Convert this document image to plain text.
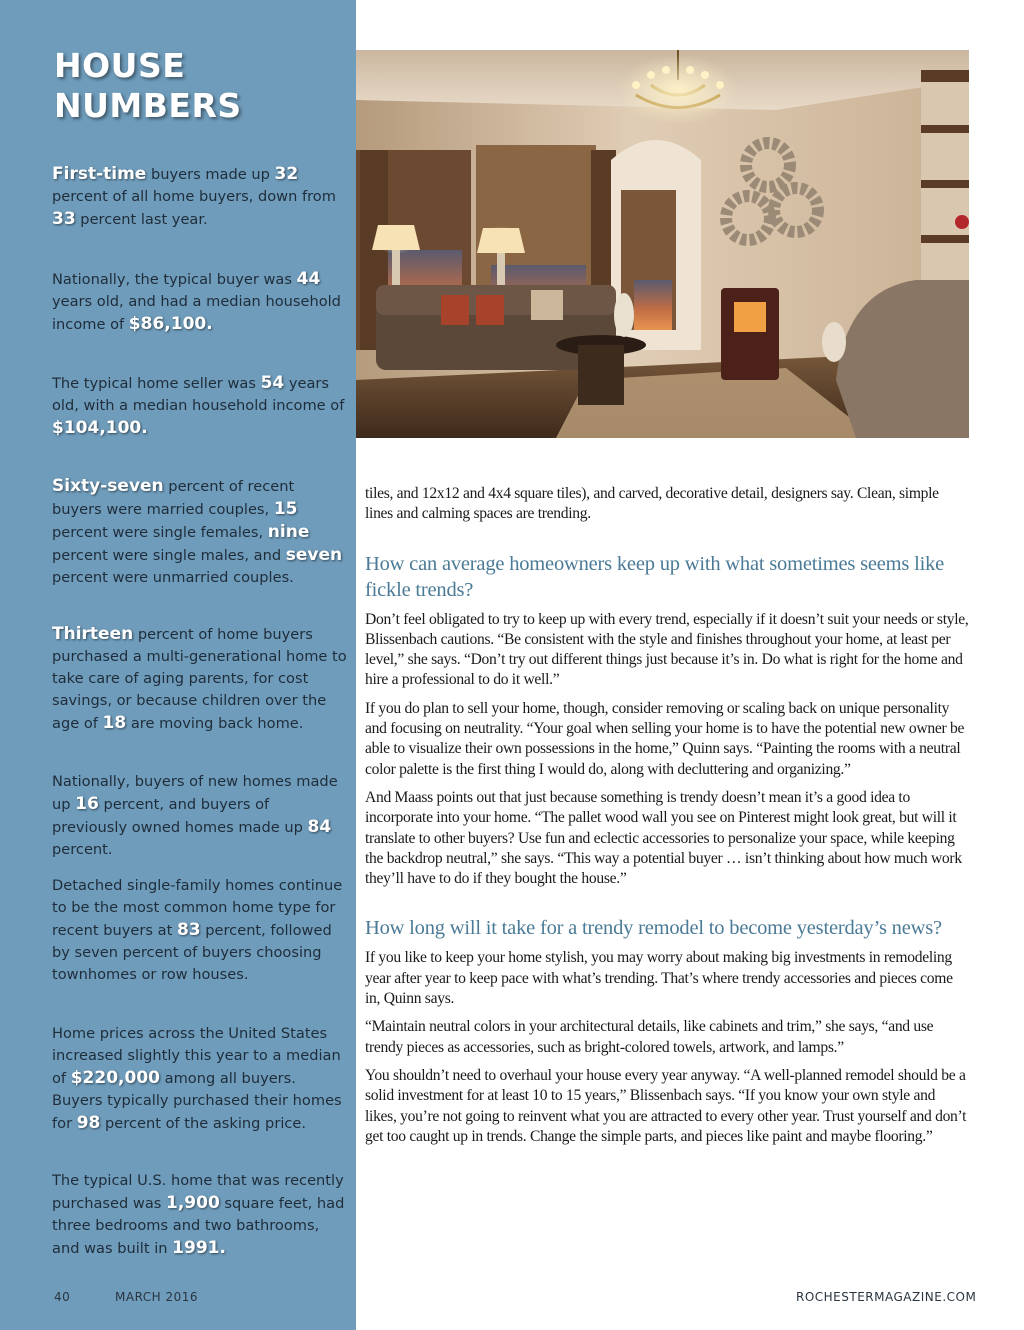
HOUSE
NUMBERS

First-time buyers made up 32 percent of all home buyers, down from 33 percent last year.

Nationally, the typical buyer was 44 years old, and had a median household income of $86,100.

The typical home seller was 54 years old, with a median household income of $104,100.

Sixty-seven percent of recent buyers were married couples, 15 percent were single females, nine percent were single males, and seven percent were unmarried couples.

Thirteen percent of home buyers purchased a multi-generational home to take care of aging parents, for cost savings, or because children over the age of 18 are moving back home.

Nationally, buyers of new homes made up 16 percent, and buyers of previously owned homes made up 84 percent.

Detached single-family homes continue to be the most common home type for recent buyers at 83 percent, followed by seven percent of buyers choosing townhomes or row houses.

Home prices across the United States increased slightly this year to a median of $220,000 among all buyers. Buyers typically purchased their homes for 98 percent of the asking price.

The typical U.S. home that was recently purchased was 1,900 square feet, had three bedrooms and two bathrooms, and was built in 1991.

40	MARCH 2016

tiles, and 12x12 and 4x4 square tiles), and carved, decorative detail, designers say. Clean, simple lines and calming spaces are trending.

How can average homeowners keep up with what sometimes seems like fickle trends?

Don’t feel obligated to try to keep up with every trend, especially if it doesn’t suit your needs or style, Blissenbach cautions. “Be consistent with the style and finishes throughout your home, at least per level,” she says. “Don’t try out different things just because it’s in. Do what is right for the home and hire a professional to do it well.”

If you do plan to sell your home, though, consider removing or scaling back on unique personality and focusing on neutrality. “Your goal when selling your home is to have the potential new owner be able to visualize their own possessions in the home,” Quinn says. “Painting the rooms with a neutral color palette is the first thing I would do, along with decluttering and organizing.”

And Maass points out that just because something is trendy doesn’t mean it’s a good idea to incorporate into your home. “The pallet wood wall you see on Pinterest might look great, but will it translate to other buyers? Use fun and eclectic accessories to personalize your space, while keeping the backdrop neutral,” she says. “This way a potential buyer … isn’t thinking about how much work they’ll have to do if they bought the house.”

How long will it take for a trendy remodel to become yesterday’s news?

If you like to keep your home stylish, you may worry about making big investments in remodeling year after year to keep pace with what’s trending. That’s where trendy accessories and pieces come in, Quinn says.

“Maintain neutral colors in your architectural details, like cabinets and trim,” she says, “and use trendy pieces as accessories, such as bright-colored towels, artwork, and lamps.”

You shouldn’t need to overhaul your house every year anyway. “A well-planned remodel should be a solid investment for at least 10 to 15 years,” Blissenbach says. “If you know your own style and likes, you’re not going to reinvent what you are attracted to every other year. Trust yourself and don’t get too caught up in trends. Change the simple parts, and pieces like paint and maybe flooring.”

ROCHESTERMAGAZINE.COM
